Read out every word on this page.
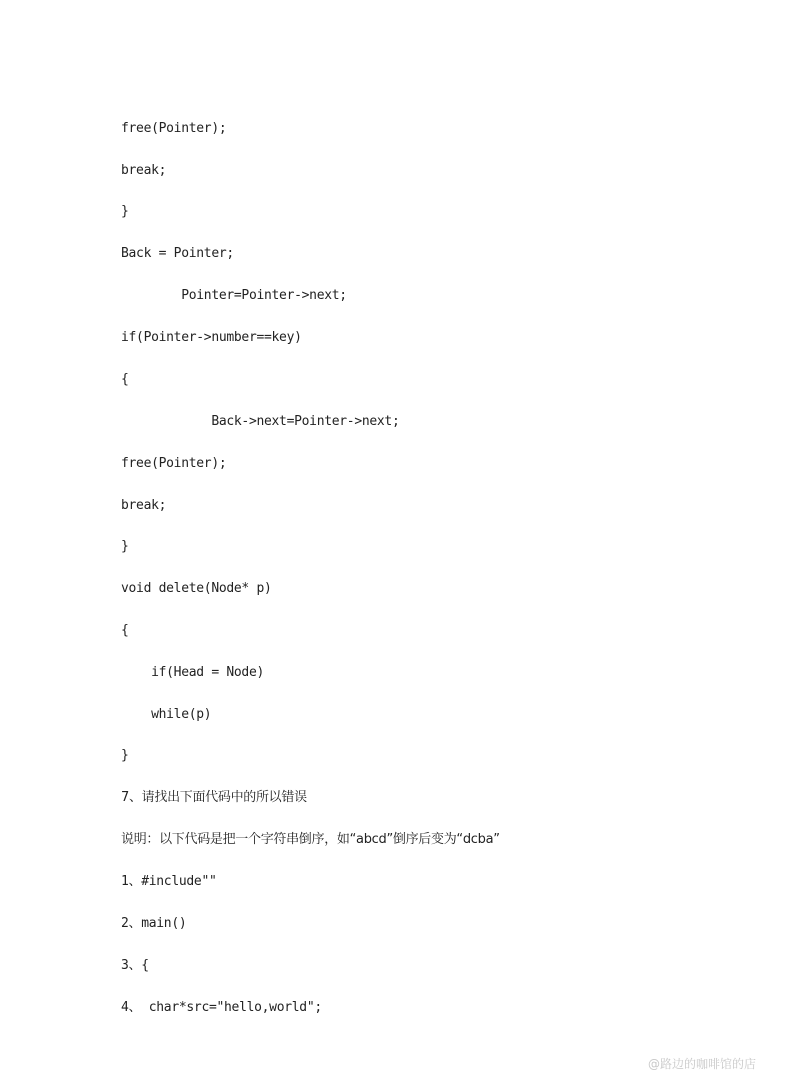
free(Pointer);
break;
}
Back = Pointer;
Pointer=Pointer->next;
if(Pointer->number==key)
{
Back->next=Pointer->next;
free(Pointer);
break;
}
void delete(Node* p)
{
if(Head = Node)
while(p)
}
7、请找出下面代码中的所以错误
说明：以下代码是把一个字符串倒序，如“abcd”倒序后变为“dcba”
1、#include""
2、main()
3、{
4、 char*src="hello,world";
@路边的咖啡馆的店
